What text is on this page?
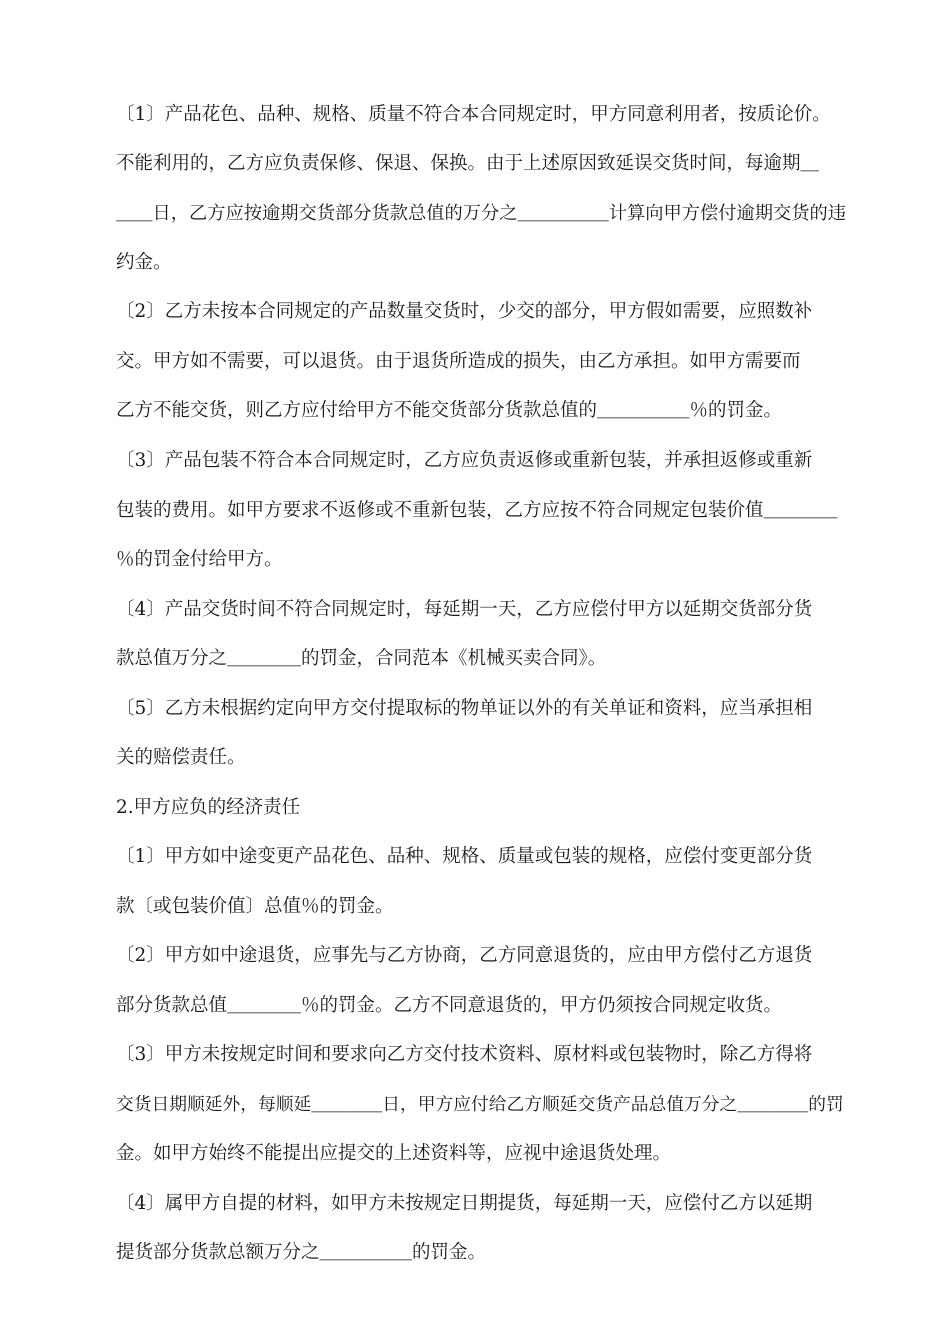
〔1〕产品花色、品种、规格、质量不符合本合同规定时，甲方同意利用者，按质论价。
不能利用的，乙方应负责保修、保退、保换。由于上述原因致延误交货时间，每逾期＿
＿＿日，乙方应按逾期交货部分货款总值的万分之＿＿＿＿＿计算向甲方偿付逾期交货的违
约金。
〔2〕乙方未按本合同规定的产品数量交货时，少交的部分，甲方假如需要，应照数补
交。甲方如不需要，可以退货。由于退货所造成的损失，由乙方承担。如甲方需要而
乙方不能交货，则乙方应付给甲方不能交货部分货款总值的＿＿＿＿＿％的罚金。
〔3〕产品包装不符合本合同规定时，乙方应负责返修或重新包装，并承担返修或重新
包装的费用。如甲方要求不返修或不重新包装，乙方应按不符合同规定包装价值＿＿＿＿
％的罚金付给甲方。
〔4〕产品交货时间不符合同规定时，每延期一天，乙方应偿付甲方以延期交货部分货
款总值万分之＿＿＿＿的罚金，合同范本《机械买卖合同》。
〔5〕乙方未根据约定向甲方交付提取标的物单证以外的有关单证和资料，应当承担相
关的赔偿责任。
2.甲方应负的经济责任
〔1〕甲方如中途变更产品花色、品种、规格、质量或包装的规格，应偿付变更部分货
款〔或包装价值〕总值％的罚金。
〔2〕甲方如中途退货，应事先与乙方协商，乙方同意退货的，应由甲方偿付乙方退货
部分货款总值＿＿＿＿％的罚金。乙方不同意退货的，甲方仍须按合同规定收货。
〔3〕甲方未按规定时间和要求向乙方交付技术资料、原材料或包装物时，除乙方得将
交货日期顺延外，每顺延＿＿＿＿日，甲方应付给乙方顺延交货产品总值万分之＿＿＿＿的罚
金。如甲方始终不能提出应提交的上述资料等，应视中途退货处理。
〔4〕属甲方自提的材料，如甲方未按规定日期提货，每延期一天，应偿付乙方以延期
提货部分货款总额万分之＿＿＿＿＿的罚金。
